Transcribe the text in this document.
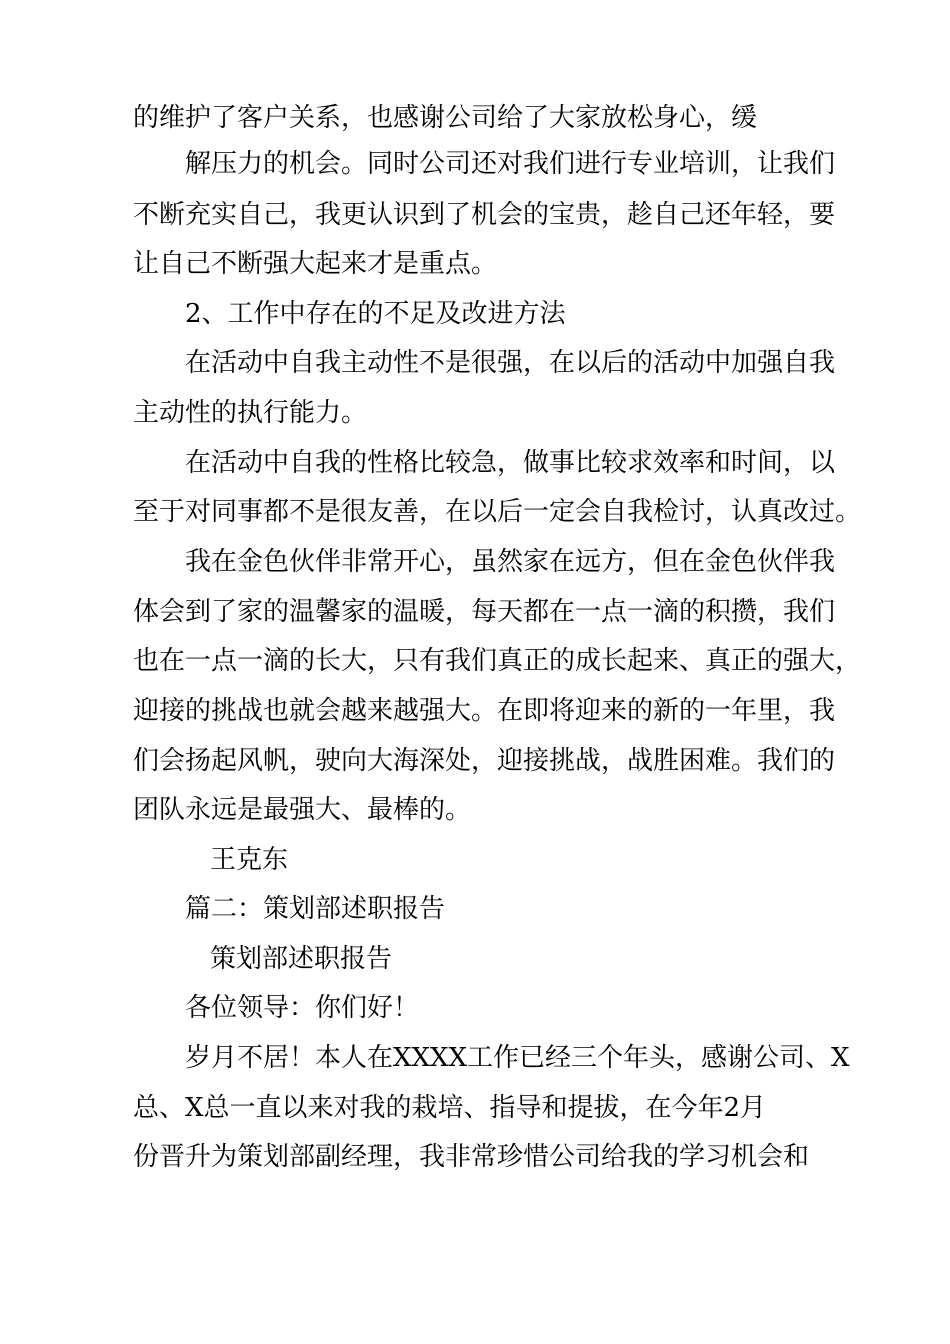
的维护了客户关系，也感谢公司给了大家放松身心，缓
解压力的机会。同时公司还对我们进行专业培训，让我们
不断充实自己，我更认识到了机会的宝贵，趁自己还年轻，要
让自己不断强大起来才是重点。
2、工作中存在的不足及改进方法
在活动中自我主动性不是很强，在以后的活动中加强自我
主动性的执行能力。
在活动中自我的性格比较急，做事比较求效率和时间，以
至于对同事都不是很友善，在以后一定会自我检讨，认真改过。
我在金色伙伴非常开心，虽然家在远方，但在金色伙伴我
体会到了家的温馨家的温暖，每天都在一点一滴的积攒，我们
也在一点一滴的长大，只有我们真正的成长起来、真正的强大，
迎接的挑战也就会越来越强大。在即将迎来的新的一年里，我
们会扬起风帆，驶向大海深处，迎接挑战，战胜困难。我们的
团队永远是最强大、最棒的。
王克东
篇二：策划部述职报告
策划部述职报告
各位领导：你们好！
岁月不居！本人在XXXX工作已经三个年头，感谢公司、X
总、X总一直以来对我的栽培、指导和提拔，在今年2月
份晋升为策划部副经理，我非常珍惜公司给我的学习机会和
